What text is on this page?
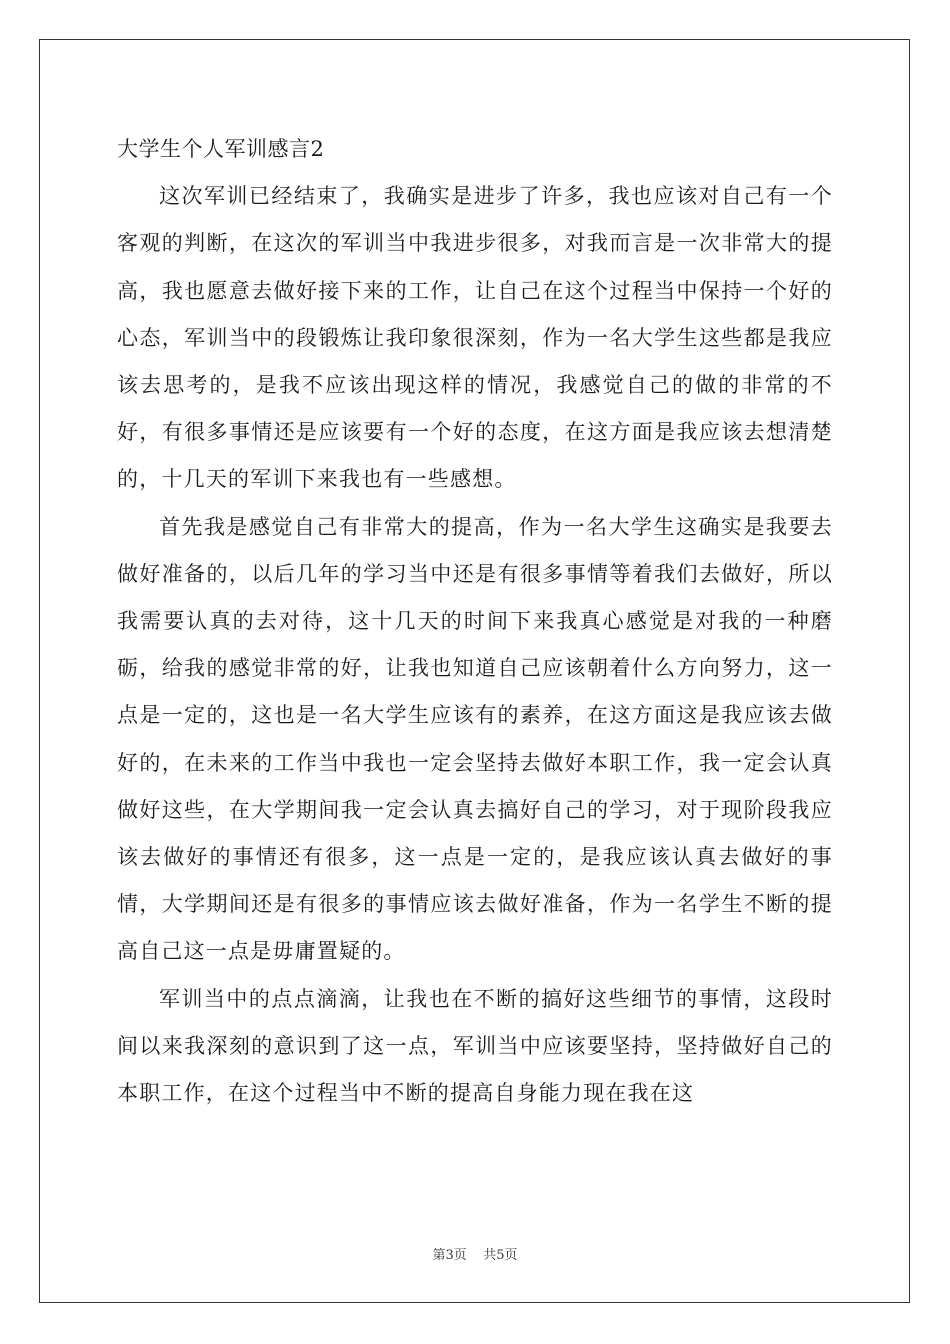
大学生个人军训感言2

这次军训已经结束了，我确实是进步了许多，我也应该对自己有一个客观的判断，在这次的军训当中我进步很多，对我而言是一次非常大的提高，我也愿意去做好接下来的工作，让自己在这个过程当中保持一个好的心态，军训当中的段锻炼让我印象很深刻，作为一名大学生这些都是我应该去思考的，是我不应该出现这样的情况，我感觉自己的做的非常的不好，有很多事情还是应该要有一个好的态度，在这方面是我应该去想清楚的，十几天的军训下来我也有一些感想。

首先我是感觉自己有非常大的提高，作为一名大学生这确实是我要去做好准备的，以后几年的学习当中还是有很多事情等着我们去做好，所以我需要认真的去对待，这十几天的时间下来我真心感觉是对我的一种磨砺，给我的感觉非常的好，让我也知道自己应该朝着什么方向努力，这一点是一定的，这也是一名大学生应该有的素养，在这方面这是我应该去做好的，在未来的工作当中我也一定会坚持去做好本职工作，我一定会认真做好这些，在大学期间我一定会认真去搞好自己的学习，对于现阶段我应该去做好的事情还有很多，这一点是一定的，是我应该认真去做好的事情，大学期间还是有很多的事情应该去做好准备，作为一名学生不断的提高自己这一点是毋庸置疑的。

军训当中的点点滴滴，让我也在不断的搞好这些细节的事情，这段时间以来我深刻的意识到了这一点，军训当中应该要坚持，坚持做好自己的本职工作，在这个过程当中不断的提高自身能力现在我在这

第3页    共5页
